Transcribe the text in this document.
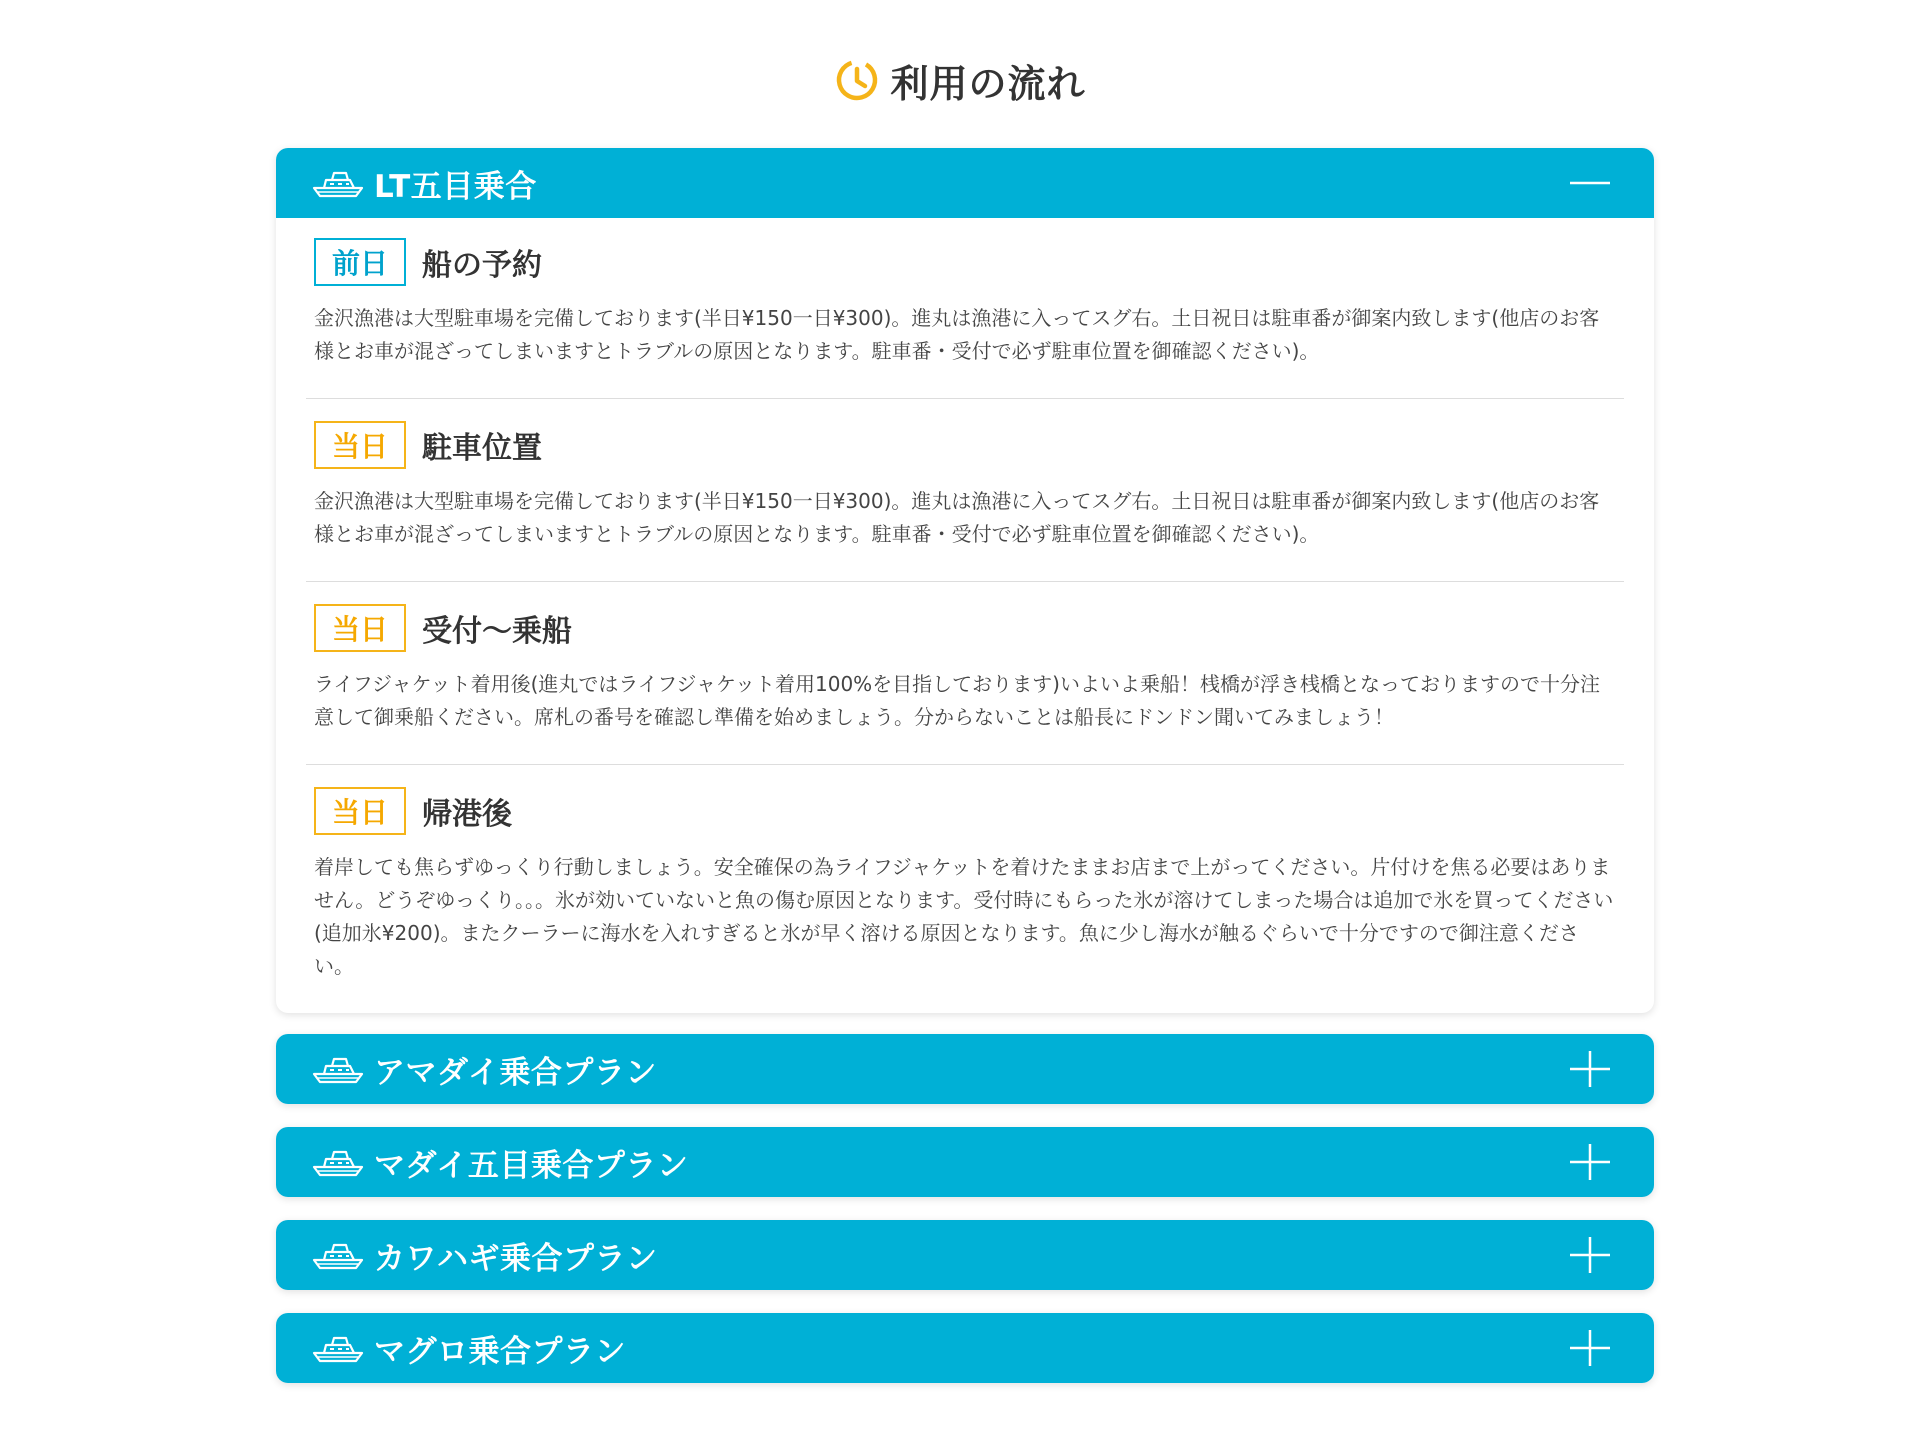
利用の流れ
LT五目乗合
前日	船の予約

金沢漁港は大型駐車場を完備しております(半日¥150一日¥300)。進丸は漁港に入ってスグ右。土日祝日は駐車番が御案内致します(他店のお客様とお車が混ざってしまいますとトラブルの原因となります。駐車番・受付で必ず駐車位置を御確認ください)。

当日	駐車位置

金沢漁港は大型駐車場を完備しております(半日¥150一日¥300)。進丸は漁港に入ってスグ右。土日祝日は駐車番が御案内致します(他店のお客様とお車が混ざってしまいますとトラブルの原因となります。駐車番・受付で必ず駐車位置を御確認ください)。

当日	受付～乗船

ライフジャケット着用後(進丸ではライフジャケット着用100%を目指しております)いよいよ乗船！桟橋が浮き桟橋となっておりますので十分注意して御乗船ください。席札の番号を確認し準備を始めましょう。分からないことは船長にドンドン聞いてみましょう！

当日	帰港後

着岸しても焦らずゆっくり行動しましょう。安全確保の為ライフジャケットを着けたままお店まで上がってください。片付けを焦る必要はありません。どうぞゆっくり。。。氷が効いていないと魚の傷む原因となります。受付時にもらった氷が溶けてしまった場合は追加で氷を買ってください(追加氷¥200)。またクーラーに海水を入れすぎると氷が早く溶ける原因となります。魚に少し海水が触るぐらいで十分ですので御注意ください。

アマダイ乗合プラン
マダイ五目乗合プラン
カワハギ乗合プラン
マグロ乗合プラン
